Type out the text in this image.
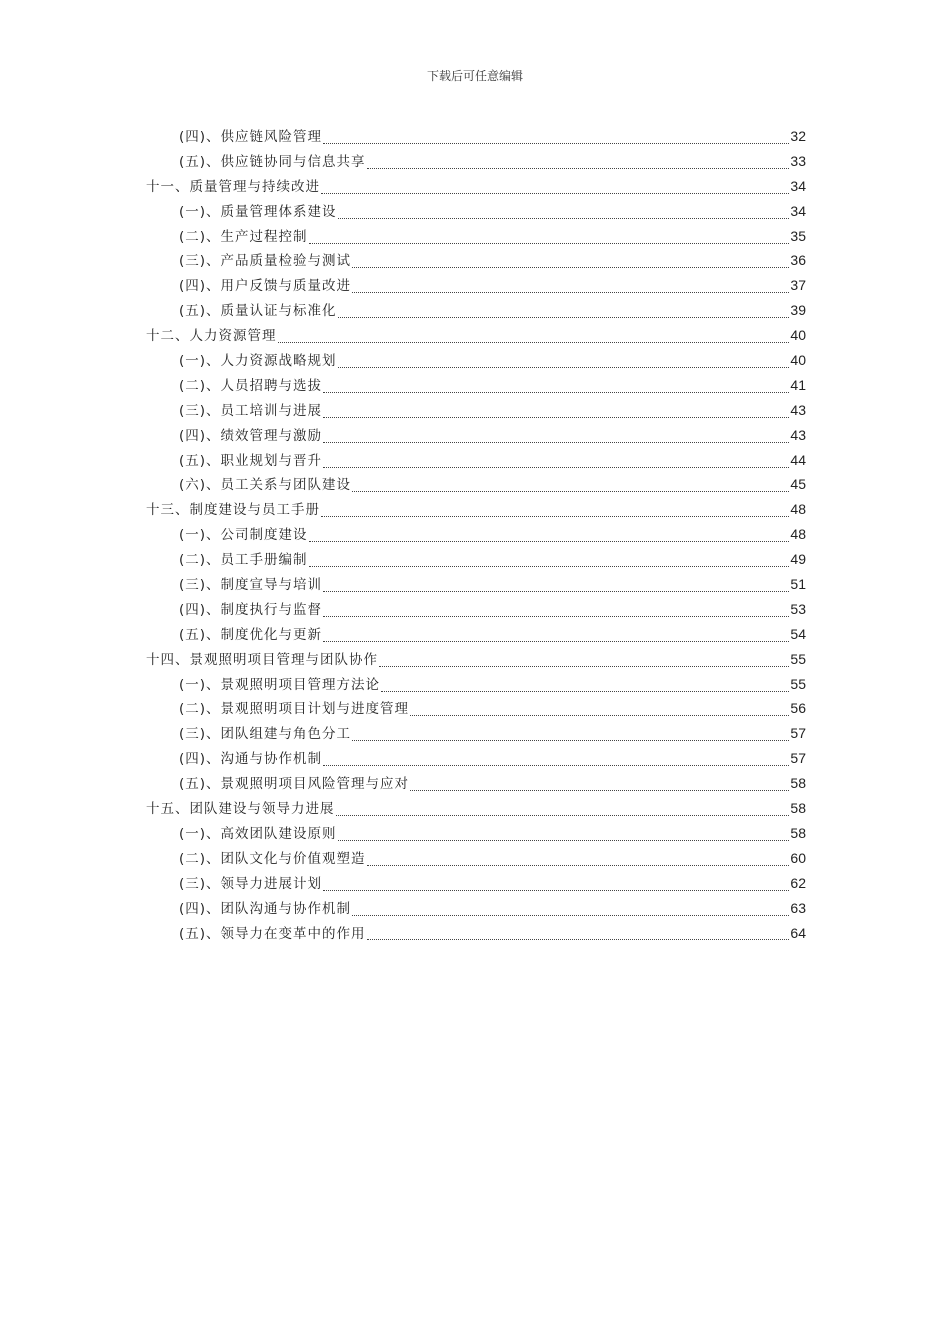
下载后可任意编辑
(四)、供应链风险管理	32
(五)、供应链协同与信息共享	33
十一、质量管理与持续改进	34
(一)、质量管理体系建设	34
(二)、生产过程控制	35
(三)、产品质量检验与测试	36
(四)、用户反馈与质量改进	37
(五)、质量认证与标准化	39
十二、人力资源管理	40
(一)、人力资源战略规划	40
(二)、人员招聘与选拔	41
(三)、员工培训与进展	43
(四)、绩效管理与激励	43
(五)、职业规划与晋升	44
(六)、员工关系与团队建设	45
十三、制度建设与员工手册	48
(一)、公司制度建设	48
(二)、员工手册编制	49
(三)、制度宣导与培训	51
(四)、制度执行与监督	53
(五)、制度优化与更新	54
十四、景观照明项目管理与团队协作	55
(一)、景观照明项目管理方法论	55
(二)、景观照明项目计划与进度管理	56
(三)、团队组建与角色分工	57
(四)、沟通与协作机制	57
(五)、景观照明项目风险管理与应对	58
十五、团队建设与领导力进展	58
(一)、高效团队建设原则	58
(二)、团队文化与价值观塑造	60
(三)、领导力进展计划	62
(四)、团队沟通与协作机制	63
(五)、领导力在变革中的作用	64
